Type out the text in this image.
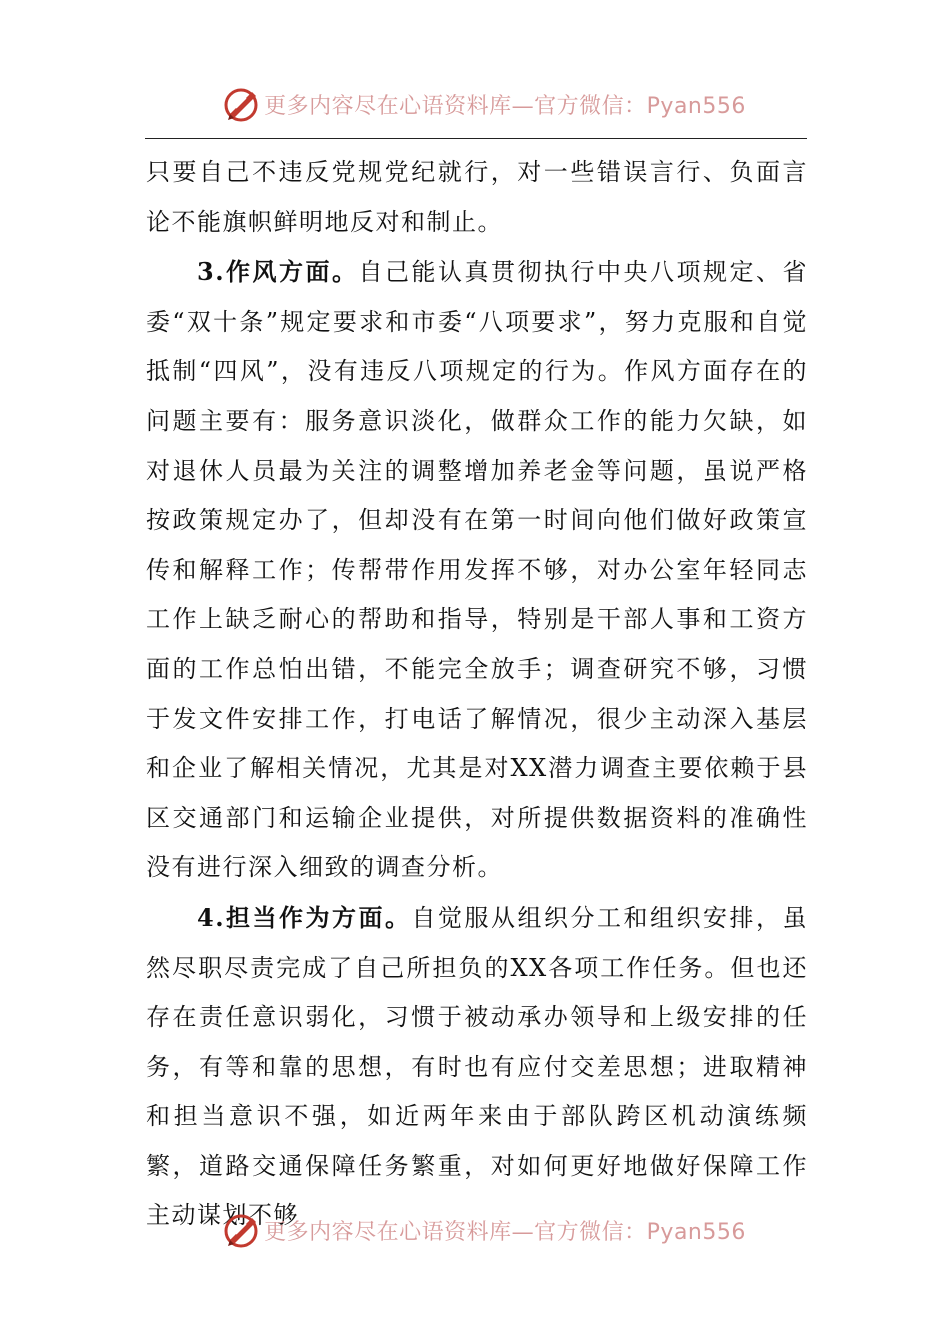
更多内容尽在心语资料库—官方微信：Pyan556

只要自己不违反党规党纪就行，对一些错误言行、负面言论不能旗帜鲜明地反对和制止。

3.作风方面。自己能认真贯彻执行中央八项规定、省委“双十条”规定要求和市委“八项要求”，努力克服和自觉抵制“四风”，没有违反八项规定的行为。作风方面存在的问题主要有：服务意识淡化，做群众工作的能力欠缺，如对退休人员最为关注的调整增加养老金等问题，虽说严格按政策规定办了，但却没有在第一时间向他们做好政策宣传和解释工作；传帮带作用发挥不够，对办公室年轻同志工作上缺乏耐心的帮助和指导，特别是干部人事和工资方面的工作总怕出错，不能完全放手；调查研究不够，习惯于发文件安排工作，打电话了解情况，很少主动深入基层和企业了解相关情况，尤其是对XX潜力调查主要依赖于县区交通部门和运输企业提供，对所提供数据资料的准确性没有进行深入细致的调查分析。

4.担当作为方面。自觉服从组织分工和组织安排，虽然尽职尽责完成了自己所担负的XX各项工作任务。但也还存在责任意识弱化，习惯于被动承办领导和上级安排的任务，有等和靠的思想，有时也有应付交差思想；进取精神和担当意识不强，如近两年来由于部队跨区机动演练频繁，道路交通保障任务繁重，对如何更好地做好保障工作主动谋划不够

更多内容尽在心语资料库—官方微信：Pyan556
